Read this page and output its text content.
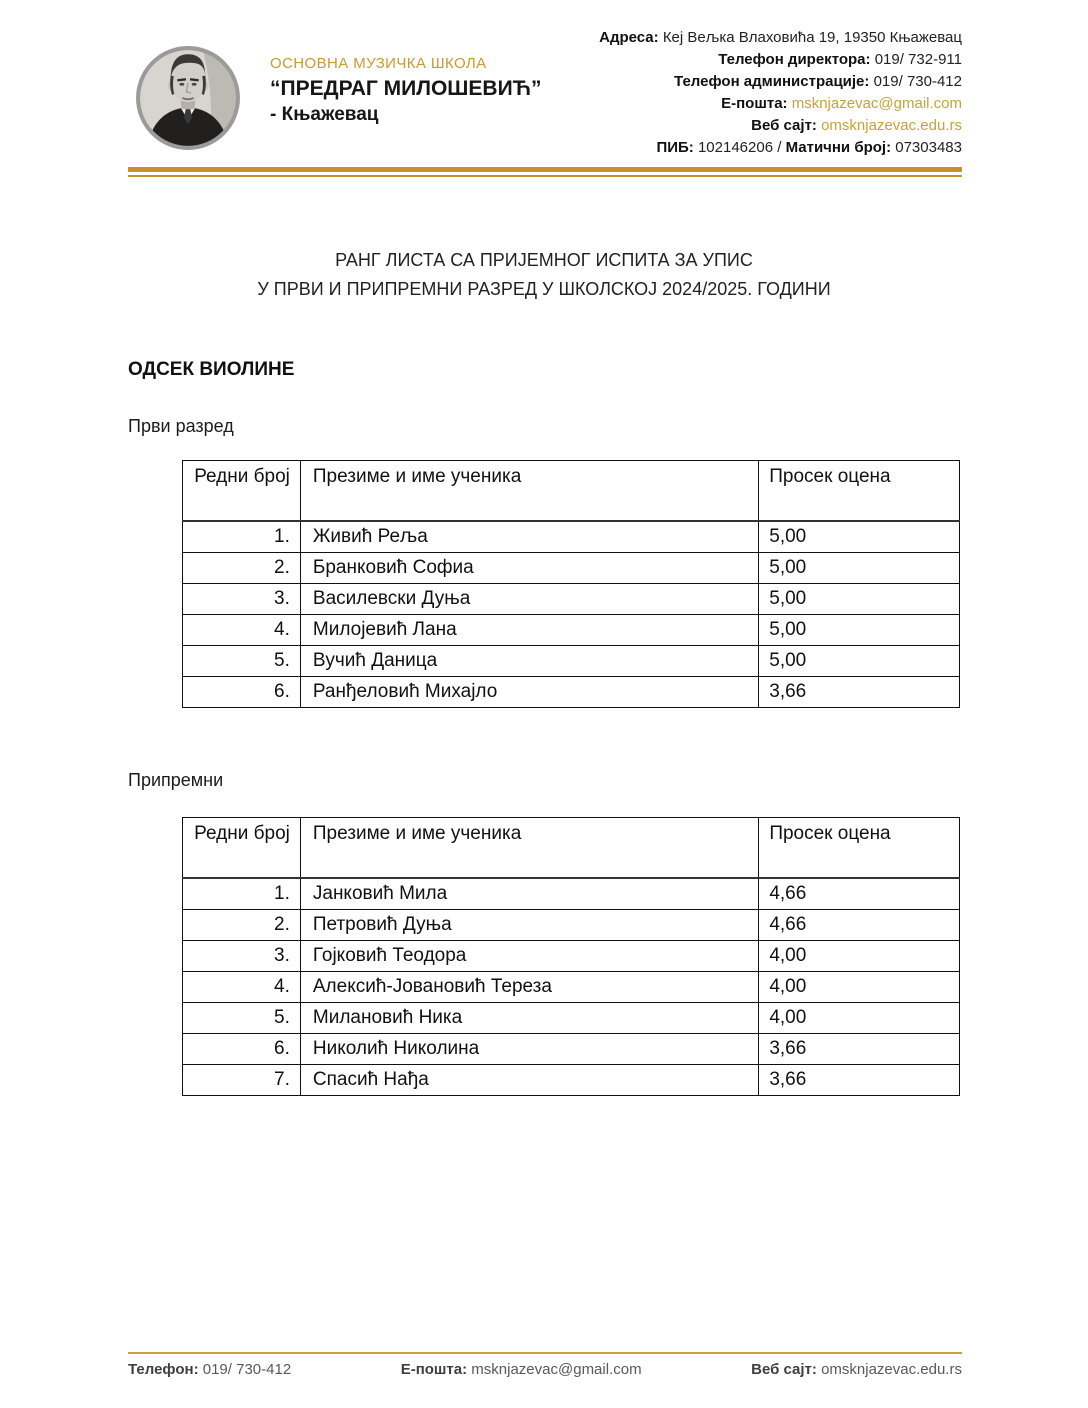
ОСНОВНА МУЗИЧКА ШКОЛА
“ПРЕДРАГ МИЛОШЕВИЋ”
- Књажевац
Адреса: Кеј Вељка Влаховића 19, 19350 Књажевац
Телефон директора: 019/ 732-911
Телефон администрације: 019/ 730-412
Е-пошта: msknjazevac@gmail.com
Веб сајт: omsknjazevac.edu.rs
ПИБ: 102146206 / Матични број: 07303483
РАНГ ЛИСТА СА ПРИЈЕМНОГ ИСПИТА ЗА УПИС
У ПРВИ И ПРИПРЕМНИ РАЗРЕД У ШКОЛСКОЈ 2024/2025. ГОДИНИ
ОДСЕК ВИОЛИНЕ
Први разред
Редни број	Презиме и име ученика	Просек оцена
1.	Живић Реља	5,00
2.	Бранковић Софиа	5,00
3.	Василевски Дуња	5,00
4.	Милојевић Лана	5,00
5.	Вучић Даница	5,00
6.	Ранђеловић Михајло	3,66
Припремни
Редни број	Презиме и име ученика	Просек оцена
1.	Јанковић Мила	4,66
2.	Петровић Дуња	4,66
3.	Гојковић Теодора	4,00
4.	Алексић-Јовановић Тереза	4,00
5.	Милановић Ника	4,00
6.	Николић Николина	3,66
7.	Спасић Нађа	3,66
Телефон: 019/ 730-412	Е-пошта: msknjazevac@gmail.com	Веб сајт: omsknjazevac.edu.rs
